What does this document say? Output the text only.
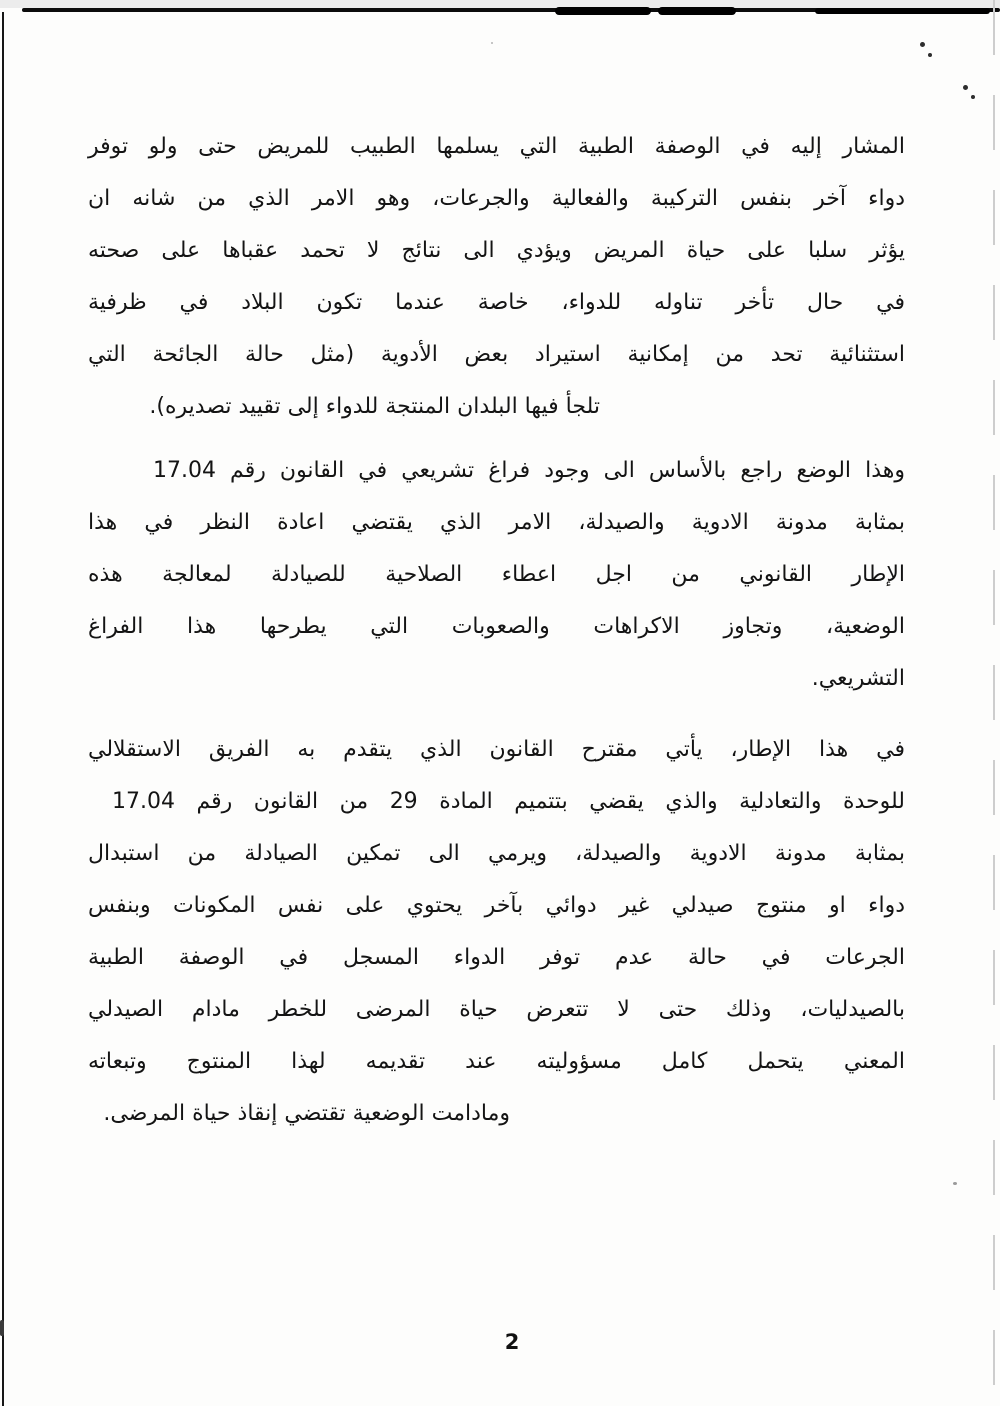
المشار إليه في الوصفة الطبية التي يسلمها الطبيب للمريض حتى ولو توفر
دواء آخر بنفس التركيبة والفعالية والجرعات، وهو الامر الذي من شانه ان
يؤثر سلبا على حياة المريض ويؤدي الى نتائج لا تحمد عقباها على صحته
في حال تأخر تناوله للدواء، خاصة عندما تكون البلاد في ظرفية
استثنائية تحد من إمكانية استيراد بعض الأدوية (مثل حالة الجائحة التي
تلجأ فيها البلدان المنتجة للدواء إلى تقييد تصديره).
وهذا الوضع راجع بالأساس الى وجود فراغ تشريعي في القانون رقم 17.04
بمثابة مدونة الادوية والصيدلة، الامر الذي يقتضي اعادة النظر في هذا
الإطار القانوني من اجل اعطاء الصلاحية للصيادلة لمعالجة هذه
الوضعية، وتجاوز الاكراهات والصعوبات التي يطرحها هذا الفراغ
التشريعي.
في هذا الإطار، يأتي مقترح القانون الذي يتقدم به الفريق الاستقلالي
للوحدة والتعادلية والذي يقضي بتتميم المادة 29 من القانون رقم 17.04
بمثابة مدونة الادوية والصيدلة، ويرمي الى تمكين الصيادلة من استبدال
دواء او منتوج صيدلي غير دوائي بآخر يحتوي على نفس المكونات وبنفس
الجرعات في حالة عدم توفر الدواء المسجل في الوصفة الطبية
بالصيدليات، وذلك حتى لا تتعرض حياة المرضى للخطر مادام الصيدلي
المعني يتحمل كامل مسؤوليته عند تقديمه لهذا المنتوج وتبعاته
ومادامت الوضعية تقتضي إنقاذ حياة المرضى.
2
